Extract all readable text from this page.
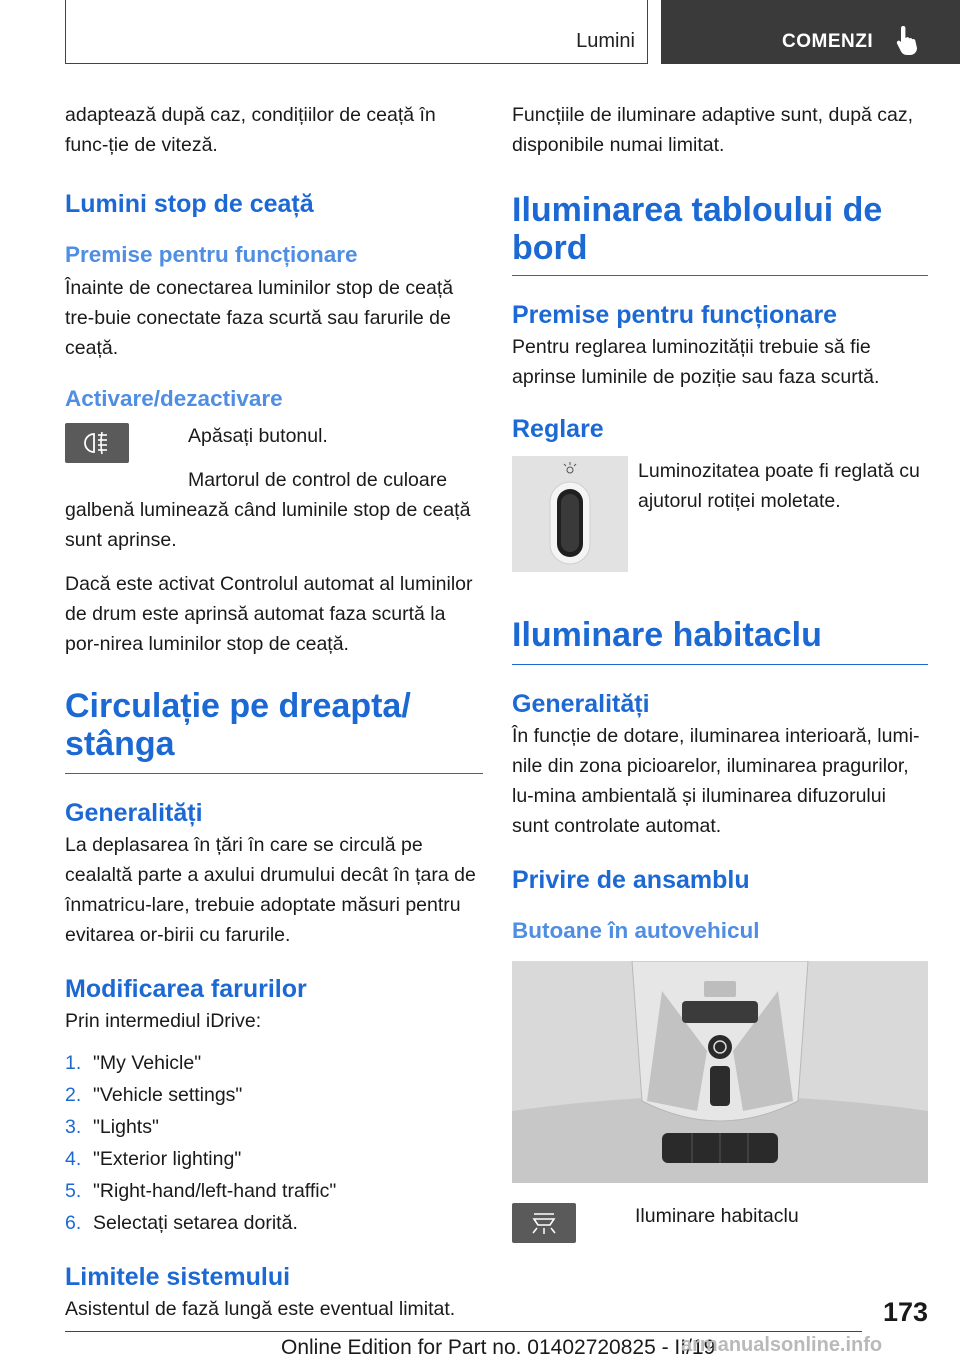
Lumini	COMENZI

adaptează după caz, condițiilor de ceață în func-ție de viteză.

Lumini stop de ceață
Premise pentru funcționare

Înainte de conectarea luminilor stop de ceață tre-buie conectate faza scurtă sau farurile de ceață.

Activare/dezactivare

Apăsați butonul.

Martorul de control de culoare galbenă luminează când luminile stop de ceață sunt aprinse.

Dacă este activat Controlul automat al luminilor de drum este aprinsă automat faza scurtă la por-nirea luminilor stop de ceață.

Circulație pe dreapta/ stânga
Generalități

La deplasarea în țări în care se circulă pe cealaltă parte a axului drumului decât în țara de înmatricu-lare, trebuie adoptate măsuri pentru evitarea or-birii cu farurile.

Modificarea farurilor

Prin intermediul iDrive:

1. "My Vehicle"
2. "Vehicle settings"
3. "Lights"
4. "Exterior lighting"
5. "Right-hand/left-hand traffic"
6. Selectați setarea dorită.
Limitele sistemului

Asistentul de fază lungă este eventual limitat.

Funcțiile de iluminare adaptive sunt, după caz, disponibile numai limitat.

Iluminarea tabloului de bord
Premise pentru funcționare

Pentru reglarea luminozității trebuie să fie aprinse luminile de poziție sau faza scurtă.

Reglare

Luminozitatea poate fi reglată cu ajutorul rotiței moletate.

Iluminare habitaclu
Generalități

În funcție de dotare, iluminarea interioară, lumi-nile din zona picioarelor, iluminarea pragurilor, lu-mina ambientală și iluminarea difuzorului sunt controlate automat.

Privire de ansamblu
Butoane în autovehicul

Iluminare habitaclu

173
Online Edition for Part no. 01402720825 - II/19
armanualsonline.info
